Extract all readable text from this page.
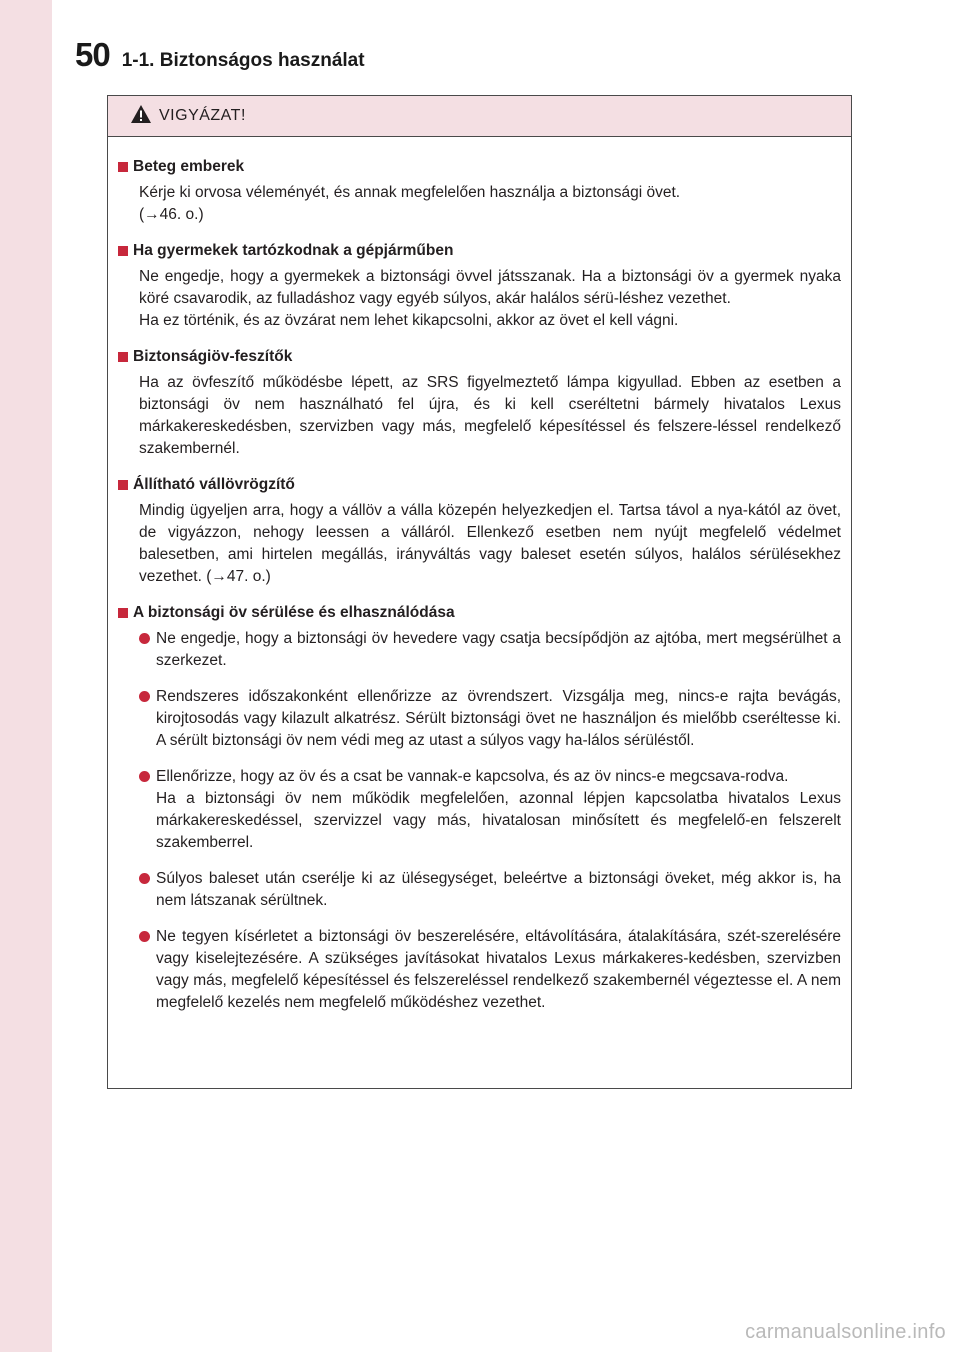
50 1-1. Biztonságos használat
VIGYÁZAT!
Beteg emberek
Kérje ki orvosa véleményét, és annak megfelelően használja a biztonsági övet.
(→46. o.)
Ha gyermekek tartózkodnak a gépjárműben
Ne engedje, hogy a gyermekek a biztonsági övvel játsszanak. Ha a biztonsági öv a gyermek nyaka köré csavarodik, az fulladáshoz vagy egyéb súlyos, akár halálos sérü-léshez vezethet.
Ha ez történik, és az övzárat nem lehet kikapcsolni, akkor az övet el kell vágni.
Biztonságiöv-feszítők
Ha az övfeszítő működésbe lépett, az SRS figyelmeztető lámpa kigyullad. Ebben az esetben a biztonsági öv nem használható fel újra, és ki kell cseréltetni bármely hivatalos Lexus márkakereskedésben, szervizben vagy más, megfelelő képesítéssel és felszere-léssel rendelkező szakembernél.
Állítható vállövrögzítő
Mindig ügyeljen arra, hogy a vállöv a válla közepén helyezkedjen el. Tartsa távol a nya-kától az övet, de vigyázzon, nehogy leessen a válláról. Ellenkező esetben nem nyújt megfelelő védelmet balesetben, ami hirtelen megállás, irányváltás vagy baleset esetén súlyos, halálos sérülésekhez vezethet. (→47. o.)
A biztonsági öv sérülése és elhasználódása
Ne engedje, hogy a biztonsági öv hevedere vagy csatja becsípődjön az ajtóba, mert megsérülhet a szerkezet.
Rendszeres időszakonként ellenőrizze az övrendszert. Vizsgálja meg, nincs-e rajta bevágás, kirojtosodás vagy kilazult alkatrész. Sérült biztonsági övet ne használjon és mielőbb cseréltesse ki. A sérült biztonsági öv nem védi meg az utast a súlyos vagy ha-lálos sérüléstől.
Ellenőrizze, hogy az öv és a csat be vannak-e kapcsolva, és az öv nincs-e megcsava-rodva.
Ha a biztonsági öv nem működik megfelelően, azonnal lépjen kapcsolatba hivatalos Lexus márkakereskedéssel, szervizzel vagy más, hivatalosan minősített és megfelelő-en felszerelt szakemberrel.
Súlyos baleset után cserélje ki az ülésegységet, beleértve a biztonsági öveket, még akkor is, ha nem látszanak sérültnek.
Ne tegyen kísérletet a biztonsági öv beszerelésére, eltávolítására, átalakítására, szét-szerelésére vagy kiselejtezésére. A szükséges javításokat hivatalos Lexus márkakeres-kedésben, szervizben vagy más, megfelelő képesítéssel és felszereléssel rendelkező szakembernél végeztesse el. A nem megfelelő kezelés nem megfelelő működéshez vezethet.
carmanualsonline.info
